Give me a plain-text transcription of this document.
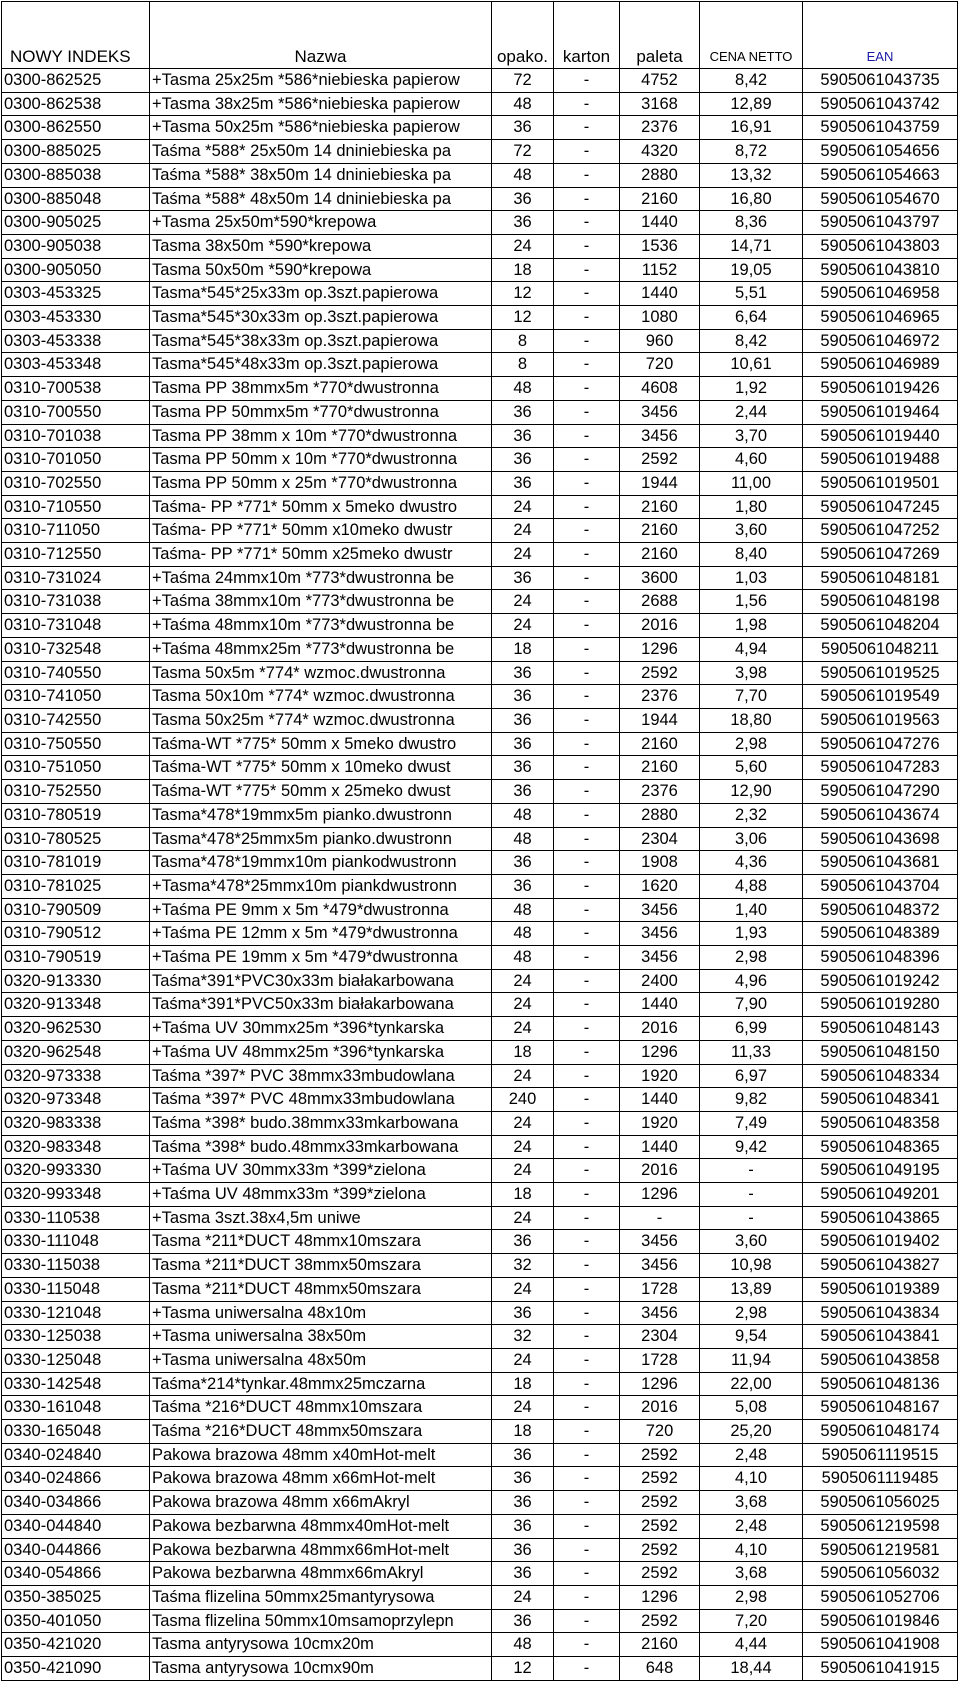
NOWY INDEKS	Nazwa	opako.	karton	paleta	CENA NETTO	EAN
0300-862525	+Tasma 25x25m *586*niebieska papierow	72	-	4752	8,42	5905061043735
0300-862538	+Tasma 38x25m *586*niebieska papierow	48	-	3168	12,89	5905061043742
0300-862550	+Tasma 50x25m *586*niebieska papierow	36	-	2376	16,91	5905061043759
0300-885025	Taśma *588* 25x50m 14 dniniebieska pa	72	-	4320	8,72	5905061054656
0300-885038	Taśma *588* 38x50m 14 dniniebieska pa	48	-	2880	13,32	5905061054663
0300-885048	Taśma *588* 48x50m 14 dniniebieska pa	36	-	2160	16,80	5905061054670
0300-905025	+Tasma 25x50m*590*krepowa	36	-	1440	8,36	5905061043797
0300-905038	Tasma 38x50m *590*krepowa	24	-	1536	14,71	5905061043803
0300-905050	Tasma 50x50m *590*krepowa	18	-	1152	19,05	5905061043810
0303-453325	Tasma*545*25x33m op.3szt.papierowa	12	-	1440	5,51	5905061046958
0303-453330	Tasma*545*30x33m op.3szt.papierowa	12	-	1080	6,64	5905061046965
0303-453338	Tasma*545*38x33m op.3szt.papierowa	8	-	960	8,42	5905061046972
0303-453348	Tasma*545*48x33m op.3szt.papierowa	8	-	720	10,61	5905061046989
0310-700538	Tasma PP 38mmx5m *770*dwustronna	48	-	4608	1,92	5905061019426
0310-700550	Tasma PP 50mmx5m *770*dwustronna	36	-	3456	2,44	5905061019464
0310-701038	Tasma PP 38mm x 10m *770*dwustronna	36	-	3456	3,70	5905061019440
0310-701050	Tasma PP 50mm x 10m *770*dwustronna	36	-	2592	4,60	5905061019488
0310-702550	Tasma PP 50mm x 25m *770*dwustronna	36	-	1944	11,00	5905061019501
0310-710550	Taśma- PP *771* 50mm x 5meko dwustro	24	-	2160	1,80	5905061047245
0310-711050	Taśma- PP *771* 50mm x10meko dwustr	24	-	2160	3,60	5905061047252
0310-712550	Taśma- PP *771* 50mm x25meko dwustr	24	-	2160	8,40	5905061047269
0310-731024	+Taśma 24mmx10m *773*dwustronna be	36	-	3600	1,03	5905061048181
0310-731038	+Taśma 38mmx10m *773*dwustronna be	24	-	2688	1,56	5905061048198
0310-731048	+Taśma 48mmx10m *773*dwustronna be	24	-	2016	1,98	5905061048204
0310-732548	+Taśma 48mmx25m *773*dwustronna be	18	-	1296	4,94	5905061048211
0310-740550	Tasma 50x5m *774* wzmoc.dwustronna	36	-	2592	3,98	5905061019525
0310-741050	Tasma 50x10m *774* wzmoc.dwustronna	36	-	2376	7,70	5905061019549
0310-742550	Tasma 50x25m *774* wzmoc.dwustronna	36	-	1944	18,80	5905061019563
0310-750550	Taśma-WT *775* 50mm x 5meko dwustro	36	-	2160	2,98	5905061047276
0310-751050	Taśma-WT *775* 50mm x 10meko dwust	36	-	2160	5,60	5905061047283
0310-752550	Taśma-WT *775* 50mm x 25meko dwust	36	-	2376	12,90	5905061047290
0310-780519	Tasma*478*19mmx5m pianko.dwustronn	48	-	2880	2,32	5905061043674
0310-780525	Tasma*478*25mmx5m pianko.dwustronn	48	-	2304	3,06	5905061043698
0310-781019	Tasma*478*19mmx10m piankodwustronn	36	-	1908	4,36	5905061043681
0310-781025	+Tasma*478*25mmx10m piankdwustronn	36	-	1620	4,88	5905061043704
0310-790509	+Taśma PE 9mm x 5m *479*dwustronna	48	-	3456	1,40	5905061048372
0310-790512	+Taśma PE 12mm x 5m *479*dwustronna	48	-	3456	1,93	5905061048389
0310-790519	+Taśma PE 19mm x 5m *479*dwustronna	48	-	3456	2,98	5905061048396
0320-913330	Taśma*391*PVC30x33m białakarbowana	24	-	2400	4,96	5905061019242
0320-913348	Taśma*391*PVC50x33m białakarbowana	24	-	1440	7,90	5905061019280
0320-962530	+Taśma UV 30mmx25m *396*tynkarska	24	-	2016	6,99	5905061048143
0320-962548	+Taśma UV 48mmx25m *396*tynkarska	18	-	1296	11,33	5905061048150
0320-973338	Taśma *397* PVC 38mmx33mbudowlana	24	-	1920	6,97	5905061048334
0320-973348	Taśma *397* PVC 48mmx33mbudowlana	240	-	1440	9,82	5905061048341
0320-983338	Taśma *398* budo.38mmx33mkarbowana	24	-	1920	7,49	5905061048358
0320-983348	Taśma *398* budo.48mmx33mkarbowana	24	-	1440	9,42	5905061048365
0320-993330	+Taśma UV 30mmx33m *399*zielona	24	-	2016	-	5905061049195
0320-993348	+Taśma UV 48mmx33m *399*zielona	18	-	1296	-	5905061049201
0330-110538	+Tasma 3szt.38x4,5m uniwe	24	-	-	-	5905061043865
0330-111048	Tasma *211*DUCT 48mmx10mszara	36	-	3456	3,60	5905061019402
0330-115038	Tasma *211*DUCT 38mmx50mszara	32	-	3456	10,98	5905061043827
0330-115048	Tasma *211*DUCT 48mmx50mszara	24	-	1728	13,89	5905061019389
0330-121048	+Tasma uniwersalna 48x10m	36	-	3456	2,98	5905061043834
0330-125038	+Tasma uniwersalna 38x50m	32	-	2304	9,54	5905061043841
0330-125048	+Tasma uniwersalna 48x50m	24	-	1728	11,94	5905061043858
0330-142548	Taśma*214*tynkar.48mmx25mczarna	18	-	1296	22,00	5905061048136
0330-161048	Taśma *216*DUCT 48mmx10mszara	24	-	2016	5,08	5905061048167
0330-165048	Taśma *216*DUCT 48mmx50mszara	18	-	720	25,20	5905061048174
0340-024840	Pakowa brazowa 48mm x40mHot-melt	36	-	2592	2,48	5905061119515
0340-024866	Pakowa brazowa 48mm x66mHot-melt	36	-	2592	4,10	5905061119485
0340-034866	Pakowa brazowa 48mm x66mAkryl	36	-	2592	3,68	5905061056025
0340-044840	Pakowa bezbarwna 48mmx40mHot-melt	36	-	2592	2,48	5905061219598
0340-044866	Pakowa bezbarwna 48mmx66mHot-melt	36	-	2592	4,10	5905061219581
0340-054866	Pakowa bezbarwna 48mmx66mAkryl	36	-	2592	3,68	5905061056032
0350-385025	Taśma flizelina 50mmx25mantyrysowa	24	-	1296	2,98	5905061052706
0350-401050	Tasma flizelina 50mmx10msamoprzylepn	36	-	2592	7,20	5905061019846
0350-421020	Tasma antyrysowa 10cmx20m	48	-	2160	4,44	5905061041908
0350-421090	Tasma antyrysowa 10cmx90m	12	-	648	18,44	5905061041915
